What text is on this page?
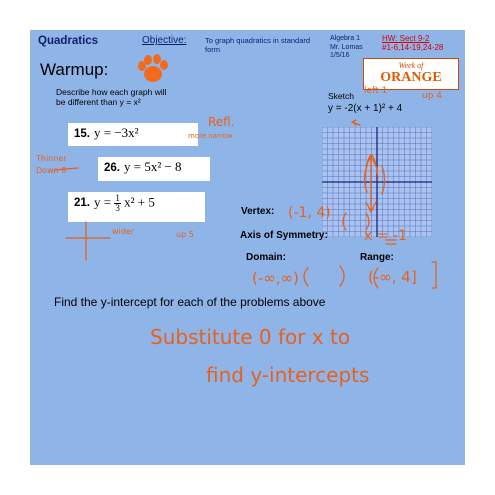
Quadratics	Objective: To graph quadratics in standard form
Algebra 1
Mr. Lomas
1/5/16
HW: Sect 9-2
#1-6,14-19,24-28
Warmup:	Week of
ORANGE
Describe how each graph will
be different than y = x²
15. y = −3x²
26. y = 5x² − 8
21. $y = \frac{1}{3} x^2 + 5$
Sketch
y = -2(x + 1)² + 4
Vertex:
Axis of Symmetry:
Domain:	Range:
Find the y-intercept for each of the problems above
Refl.
more narrow
Thinner
Down 8
wider	up 5
left 1	up 4
(-1, 4)
x = -1
(-∞,∞)	(-∞, 4]
Substitute 0 for x to
find y-intercepts
